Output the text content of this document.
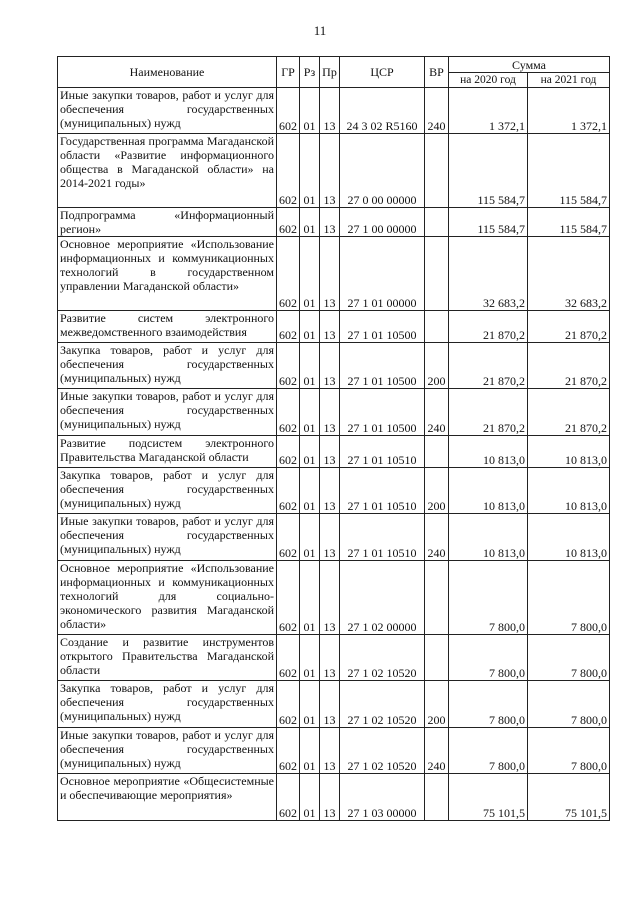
11
Наименование	ГР	Рз	Пр	ЦСР	ВР	Сумма	
						на 2020 год	на 2021 год
Иные закупки товаров, работ и услуг для обеспечения государственных (муниципальных) нужд	602	01	13	24 3 02 R5160	240	1 372,1	1 372,1
Государственная программа Магаданской области «Развитие информационного общества в Магаданской области» на 2014-2021 годы»	602	01	13	27 0 00 00000		115 584,7	115 584,7
Подпрограмма «Информационный регион»	602	01	13	27 1 00 00000		115 584,7	115 584,7
Основное мероприятие «Использование информационных и коммуникационных технологий в государственном управлении Магаданской области»	602	01	13	27 1 01 00000		32 683,2	32 683,2
Развитие систем электронного межведомственного взаимодействия	602	01	13	27 1 01 10500		21 870,2	21 870,2
Закупка товаров, работ и услуг для обеспечения государственных (муниципальных) нужд	602	01	13	27 1 01 10500	200	21 870,2	21 870,2
Иные закупки товаров, работ и услуг для обеспечения государственных (муниципальных) нужд	602	01	13	27 1 01 10500	240	21 870,2	21 870,2
Развитие подсистем электронного Правительства Магаданской области	602	01	13	27 1 01 10510		10 813,0	10 813,0
Закупка товаров, работ и услуг для обеспечения государственных (муниципальных) нужд	602	01	13	27 1 01 10510	200	10 813,0	10 813,0
Иные закупки товаров, работ и услуг для обеспечения государственных (муниципальных) нужд	602	01	13	27 1 01 10510	240	10 813,0	10 813,0
Основное мероприятие «Использование информационных и коммуникационных технологий для социально-экономического развития Магаданской области»	602	01	13	27 1 02 00000		7 800,0	7 800,0
Создание и развитие инструментов открытого Правительства Магаданской области	602	01	13	27 1 02 10520		7 800,0	7 800,0
Закупка товаров, работ и услуг для обеспечения государственных (муниципальных) нужд	602	01	13	27 1 02 10520	200	7 800,0	7 800,0
Иные закупки товаров, работ и услуг для обеспечения государственных (муниципальных) нужд	602	01	13	27 1 02 10520	240	7 800,0	7 800,0
Основное мероприятие «Общесистемные и обеспечивающие мероприятия»	602	01	13	27 1 03 00000		75 101,5	75 101,5
